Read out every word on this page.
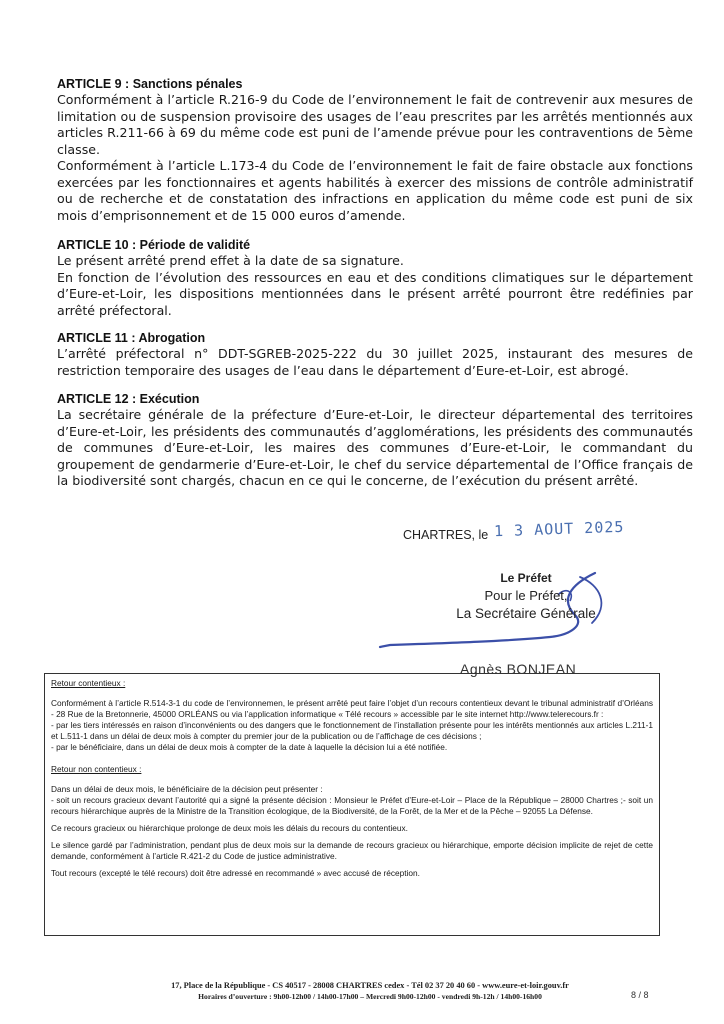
ARTICLE 9 : Sanctions pénales

Conformément à l’article R.216-9 du Code de l’environnement le fait de contrevenir aux mesures de limitation ou de suspension provisoire des usages de l’eau prescrites par les arrêtés mentionnés aux articles R.211-66 à 69 du même code est puni de l’amende prévue pour les contraventions de 5ème classe.

Conformément à l’article L.173-4 du Code de l’environnement le fait de faire obstacle aux fonctions exercées par les fonctionnaires et agents habilités à exercer des missions de contrôle administratif ou de recherche et de constatation des infractions en application du même code est puni de six mois d’emprisonnement et de 15 000 euros d’amende.

ARTICLE 10 : Période de validité

Le présent arrêté prend effet à la date de sa signature.

En fonction de l’évolution des ressources en eau et des conditions climatiques sur le département d’Eure-et-Loir, les dispositions mentionnées dans le présent arrêté pourront être redéfinies par arrêté préfectoral.

ARTICLE 11 : Abrogation

L’arrêté préfectoral n° DDT-SGREB-2025-222 du 30 juillet 2025, instaurant des mesures de restriction temporaire des usages de l’eau dans le département d’Eure-et-Loir, est abrogé.

ARTICLE 12 : Exécution

La secrétaire générale de la préfecture d’Eure-et-Loir, le directeur départemental des territoires d’Eure-et-Loir, les présidents des communautés d’agglomérations, les présidents des communautés de communes d’Eure-et-Loir, les maires des communes d’Eure-et-Loir, le commandant du groupement de gendarmerie d’Eure-et-Loir, le chef du service départemental de l’Office français de la biodiversité sont chargés, chacun en ce qui le concerne, de l’exécution du présent arrêté.

CHARTRES, le 1 3 AOUT 2025
Le Préfet
Pour le Préfet,
La Secrétaire Générale
Agnès BONJEAN
Retour contentieux :

Conformément à l’article R.514-3-1 du code de l’environnemen, le présent arrêté peut faire l’objet d’un recours contentieux devant le tribunal administratif d’Orléans - 28 Rue de la Bretonnerie, 45000 ORLÉANS ou via l’application informatique « Télé recours » accessible par le site internet http://www.telerecours.fr :

- par les tiers intéressés en raison d’inconvénients ou des dangers que le fonctionnement de l’installation présente pour les intérêts mentionnés aux articles L.211-1 et L.511-1 dans un délai de deux mois à compter du premier jour de la publication ou de l’affichage de ces décisions ;

- par le bénéficiaire, dans un délai de deux mois à compter de la date à laquelle la décision lui a été notifiée.

Retour non contentieux :

Dans un délai de deux mois, le bénéficiaire de la décision peut présenter :

- soit un recours gracieux devant l’autorité qui a signé la présente décision : Monsieur le Préfet d’Eure-et-Loir – Place de la République – 28000 Chartres ;- soit un recours hiérarchique auprès de la Ministre de la Transition écologique, de la Biodiversité, de la Forêt, de la Mer et de la Pêche – 92055 La Défense.

Ce recours gracieux ou hiérarchique prolonge de deux mois les délais du recours du contentieux.

Le silence gardé par l’administration, pendant plus de deux mois sur la demande de recours gracieux ou hiérarchique, emporte décision implicite de rejet de cette demande, conformément à l’article R.421-2 du Code de justice administrative.

Tout recours (excepté le télé recours) doit être adressé en recommandé » avec accusé de réception.

17, Place de la République - CS 40517 - 28008 CHARTRES cedex - Tél 02 37 20 40 60 - www.eure-et-loir.gouv.fr
Horaires d’ouverture : 9h00-12h00 / 14h00-17h00 – Mercredi 9h00-12h00 - vendredi 9h-12h / 14h00-16h00	8 / 8
